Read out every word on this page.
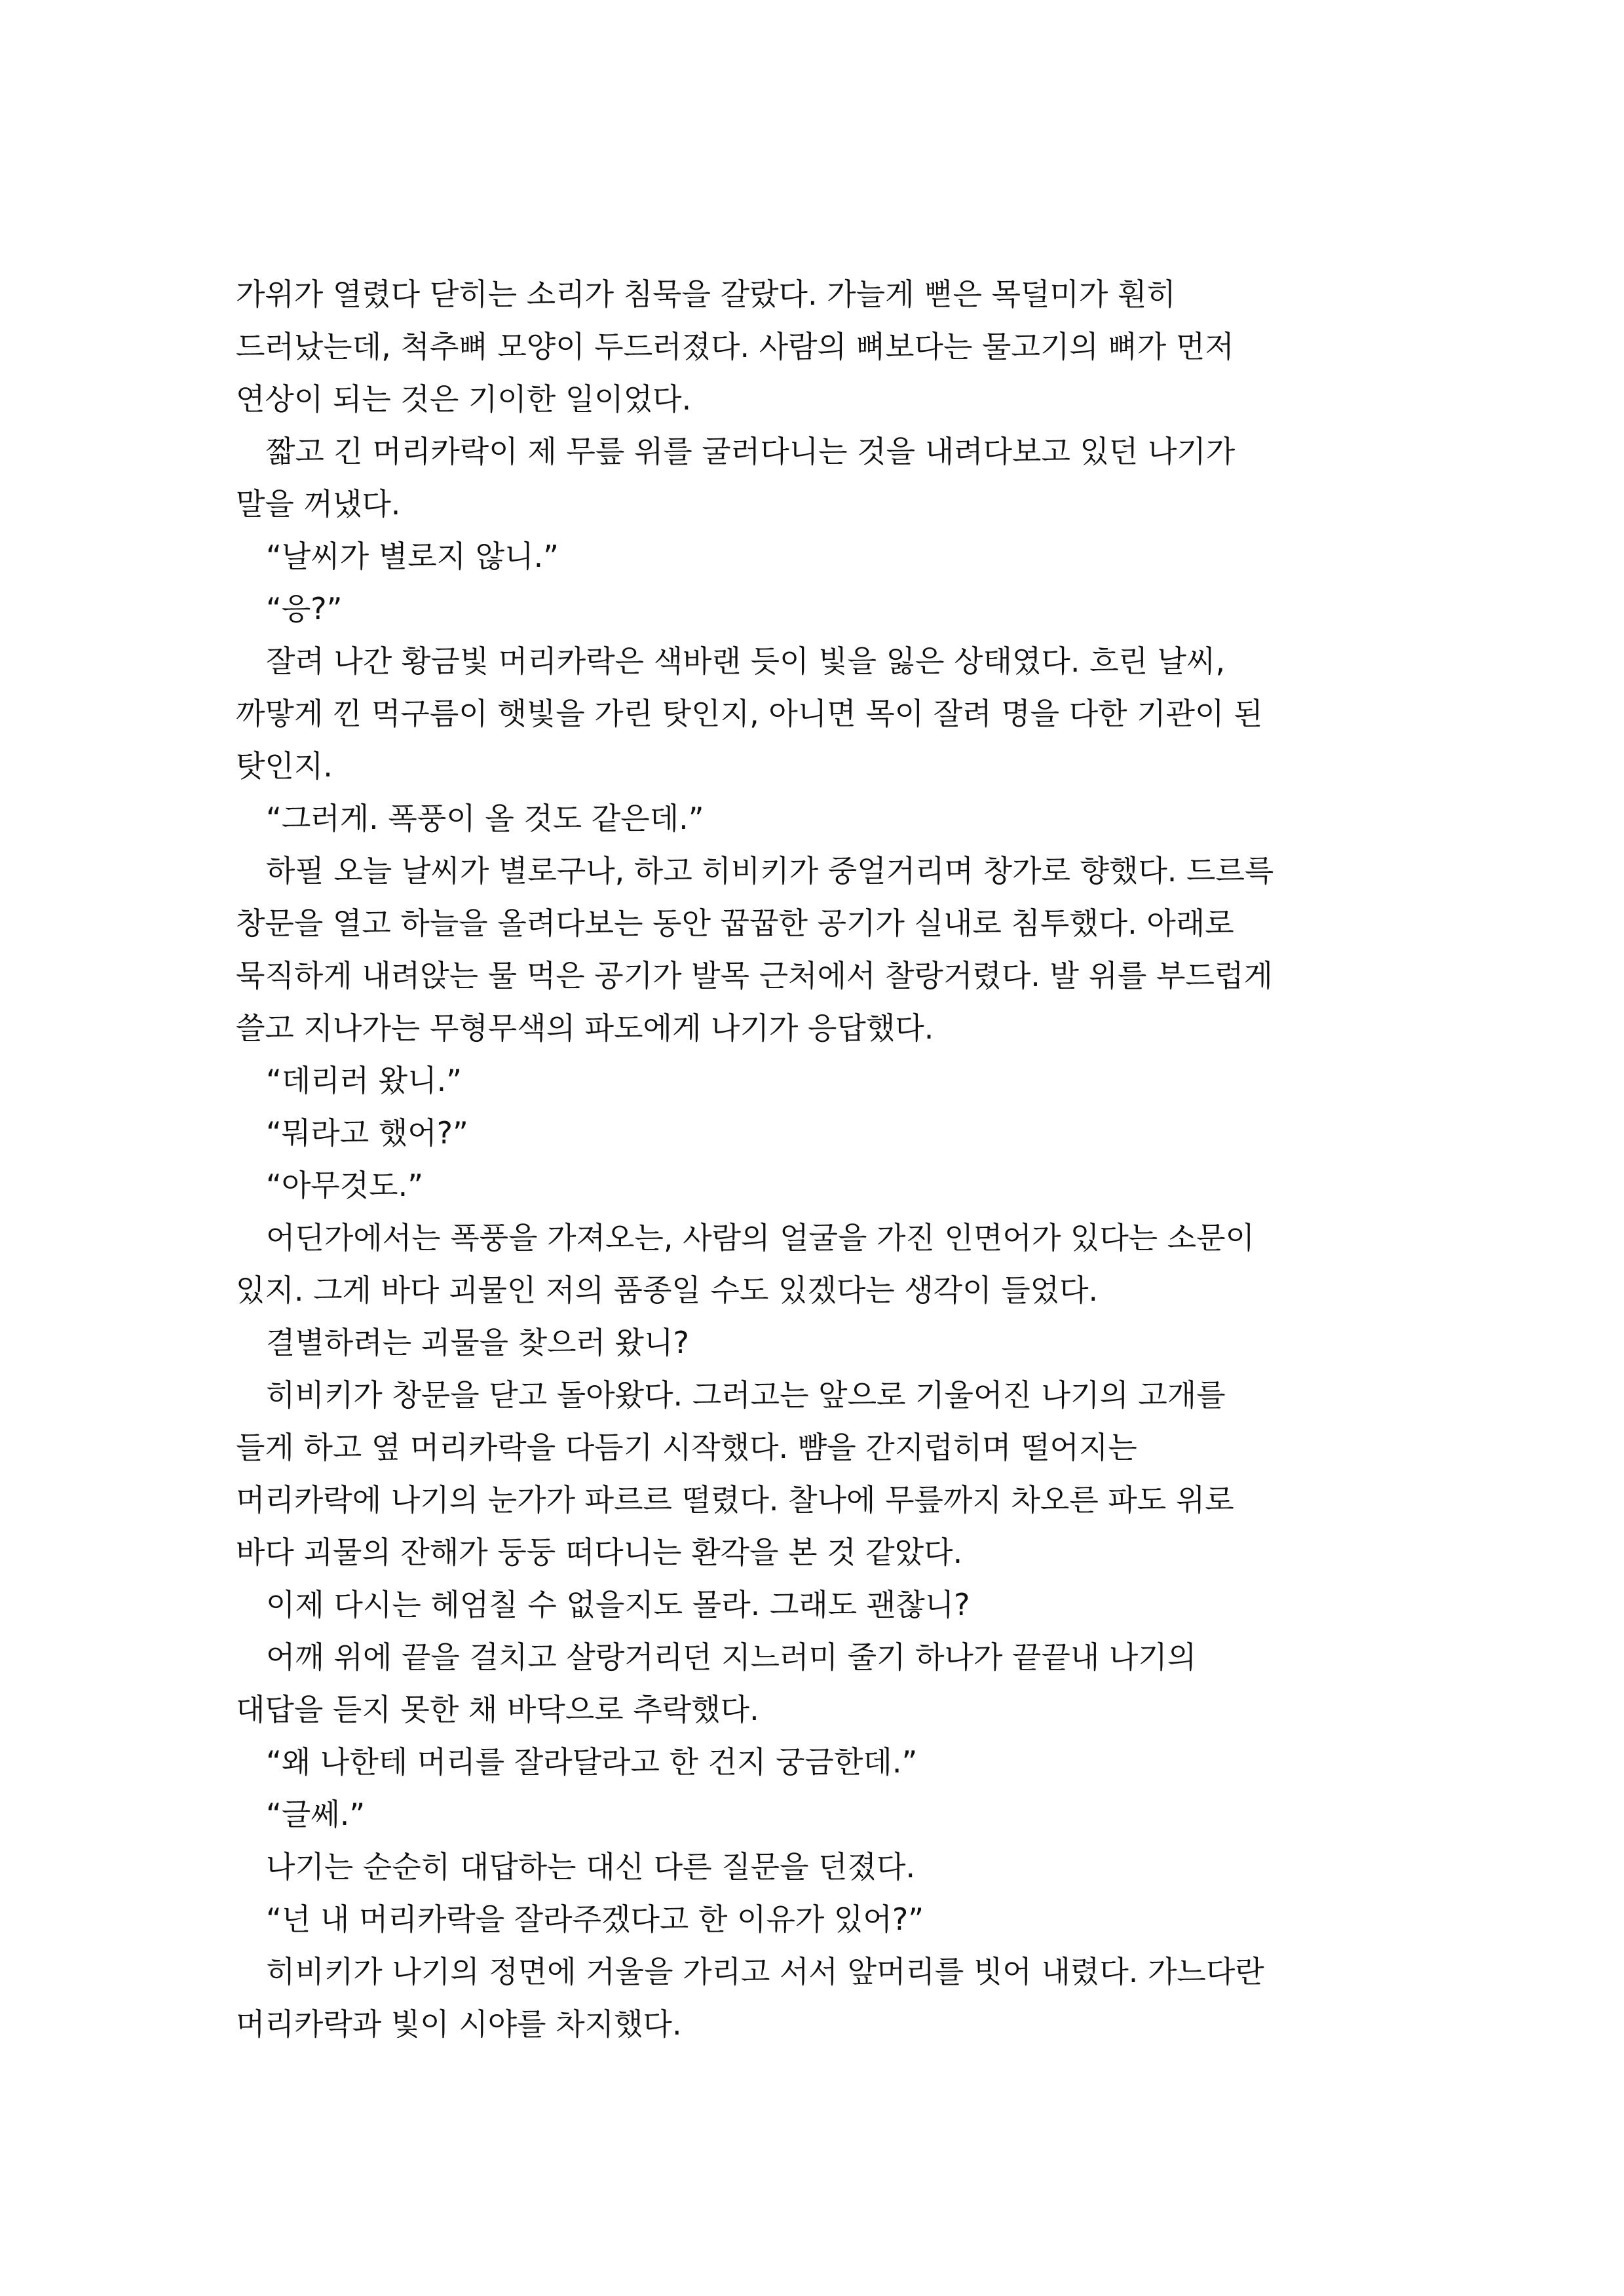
가위가 열렸다 닫히는 소리가 침묵을 갈랐다. 가늘게 뻗은 목덜미가 훤히
드러났는데, 척추뼈 모양이 두드러졌다. 사람의 뼈보다는 물고기의 뼈가 먼저
연상이 되는 것은 기이한 일이었다.
짧고 긴 머리카락이 제 무릎 위를 굴러다니는 것을 내려다보고 있던 나기가
말을 꺼냈다.
“날씨가 별로지 않니.”
“응?”
잘려 나간 황금빛 머리카락은 색바랜 듯이 빛을 잃은 상태였다. 흐린 날씨,
까맣게 낀 먹구름이 햇빛을 가린 탓인지, 아니면 목이 잘려 명을 다한 기관이 된
탓인지.
“그러게. 폭풍이 올 것도 같은데.”
하필 오늘 날씨가 별로구나, 하고 히비키가 중얼거리며 창가로 향했다. 드르륵
창문을 열고 하늘을 올려다보는 동안 꿉꿉한 공기가 실내로 침투했다. 아래로
묵직하게 내려앉는 물 먹은 공기가 발목 근처에서 찰랑거렸다. 발 위를 부드럽게
쓸고 지나가는 무형무색의 파도에게 나기가 응답했다.
“데리러 왔니.”
“뭐라고 했어?”
“아무것도.”
어딘가에서는 폭풍을 가져오는, 사람의 얼굴을 가진 인면어가 있다는 소문이
있지. 그게 바다 괴물인 저의 품종일 수도 있겠다는 생각이 들었다.
결별하려는 괴물을 찾으러 왔니?
히비키가 창문을 닫고 돌아왔다. 그러고는 앞으로 기울어진 나기의 고개를
들게 하고 옆 머리카락을 다듬기 시작했다. 뺨을 간지럽히며 떨어지는
머리카락에 나기의 눈가가 파르르 떨렸다. 찰나에 무릎까지 차오른 파도 위로
바다 괴물의 잔해가 둥둥 떠다니는 환각을 본 것 같았다.
이제 다시는 헤엄칠 수 없을지도 몰라. 그래도 괜찮니?
어깨 위에 끝을 걸치고 살랑거리던 지느러미 줄기 하나가 끝끝내 나기의
대답을 듣지 못한 채 바닥으로 추락했다.
“왜 나한테 머리를 잘라달라고 한 건지 궁금한데.”
“글쎄.”
나기는 순순히 대답하는 대신 다른 질문을 던졌다.
“넌 내 머리카락을 잘라주겠다고 한 이유가 있어?”
히비키가 나기의 정면에 거울을 가리고 서서 앞머리를 빗어 내렸다. 가느다란
머리카락과 빛이 시야를 차지했다.
